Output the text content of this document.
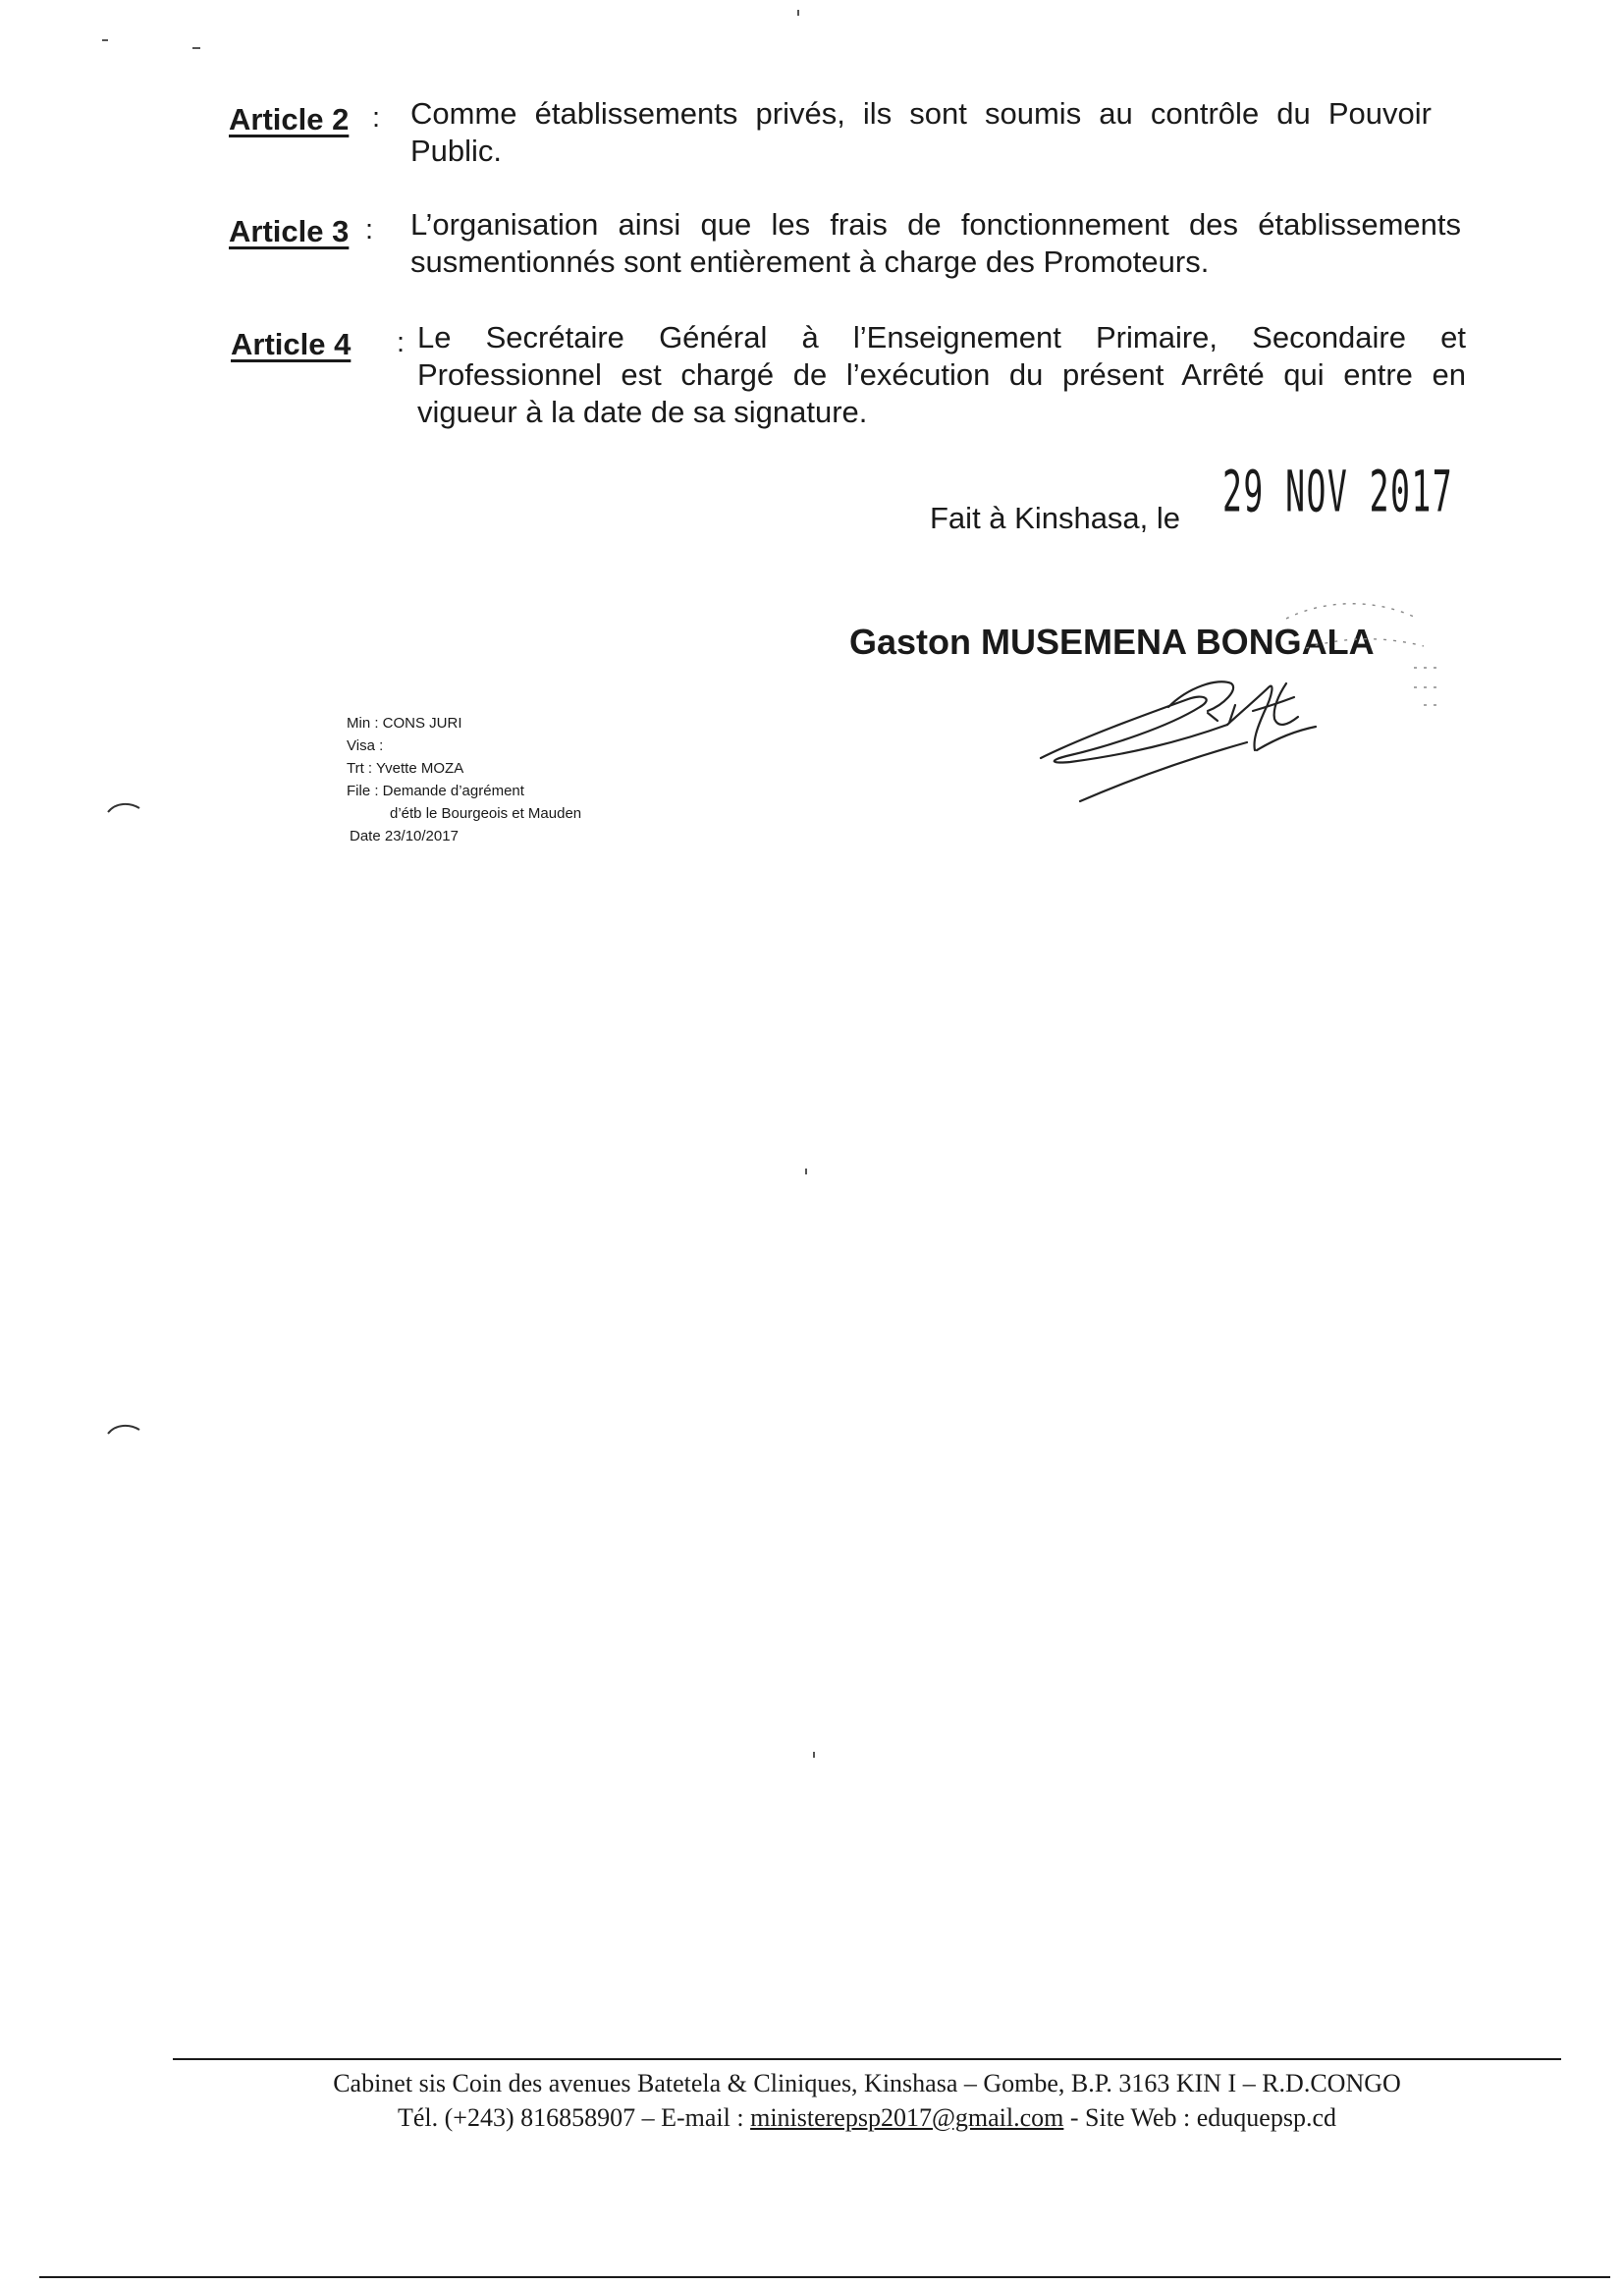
Article 2 : Comme établissements privés, ils sont soumis au contrôle du Pouvoir Public.
Article 3 : L’organisation ainsi que les frais de fonctionnement des établissements susmentionnés sont entièrement à charge des Promoteurs.
Article 4 : Le Secrétaire Général à l’Enseignement Primaire, Secondaire et Professionnel est chargé de l’exécution du présent Arrêté qui entre en vigueur à la date de sa signature.
Fait à Kinshasa, le 29 NOV 2017
Gaston MUSEMENA BONGALA
Min : CONS JURI
Visa :
Trt : Yvette MOZA
File : Demande d’agrément
d’étb le Bourgeois et Mauden
Date 23/10/2017
Cabinet sis Coin des avenues Batetela & Cliniques, Kinshasa – Gombe, B.P. 3163 KIN I – R.D.CONGO
Tél. (+243) 816858907 – E-mail : ministerepsp2017@gmail.com - Site Web : eduquepsp.cd
